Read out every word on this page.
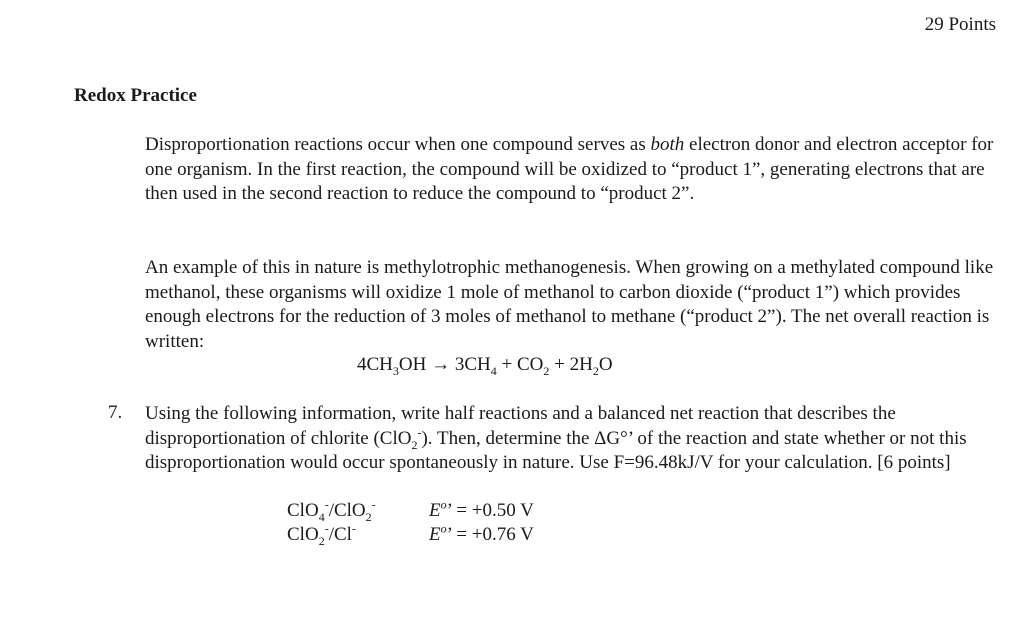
29 Points
Redox Practice

Disproportionation reactions occur when one compound serves as both electron donor and electron acceptor for one organism. In the first reaction, the compound will be oxidized to “product 1”, generating electrons that are then used in the second reaction to reduce the compound to “product 2”.

An example of this in nature is methylotrophic methanogenesis. When growing on a methylated compound like methanol, these organisms will oxidize 1 mole of methanol to carbon dioxide (“product 1”) which provides enough electrons for the reduction of 3 moles of methanol to methane (“product 2”). The net overall reaction is written:

$4CH_3OH \to 3CH_4 + CO_2 + 2H_2O$
7. Using the following information, write half reactions and a balanced net reaction that describes the disproportionation of chlorite (ClO$_2$-). Then, determine the ΔG°’ of the reaction and state whether or not this disproportionation would occur spontaneously in nature. Use F=96.48kJ/V for your calculation. [6 points]

ClO$_4$-/ClO$_2$-	$E^o$’ = +0.50 V
ClO$_2$-/Cl-	$E^o$’ = +0.76 V
